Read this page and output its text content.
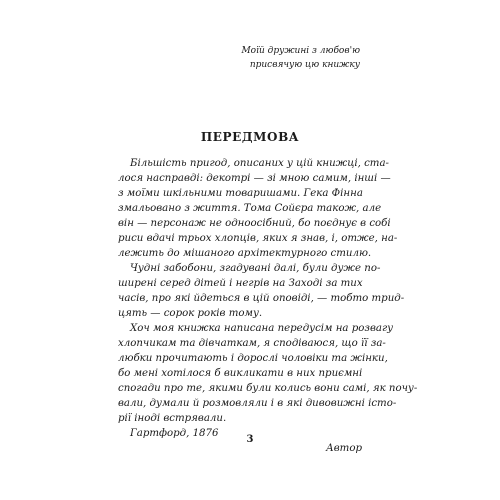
Моїй дружині з любов'ю
присвячую цю книжку
ПЕРЕДМОВА

Більшість пригод, описаних у цій книжці, ста-
лося насправді: декотрі — зі мною самим, інші —
з моїми шкільними товаришами. Гека Фінна
змальовано з життя. Тома Сойєра також, але
він — персонаж не одноосібний, бо поєднує в собі
риси вдачі трьох хлопців, яких я знав, і, отже, на-
лежить до мішаного архітектурного стилю.

Чудні забобони, згадувані далі, були дуже по-
ширені серед дітей і негрів на Заході за тих
часів, про які йдеться в цій оповіді, — тобто трид-
цять — сорок років тому.

Хоч моя книжка написана передусім на розвагу
хлопчикам та дівчаткам, я сподіваюся, що її за-
любки прочитають і дорослі чоловіки та жінки,
бо мені хотілося б викликати в них приємні
спогади про те, якими були колись вони самі, як почу-
вали, думали й розмовляли і в які дивовижні істо-
рії іноді встрявали.

Гартфорд, 1876
Автор
3
